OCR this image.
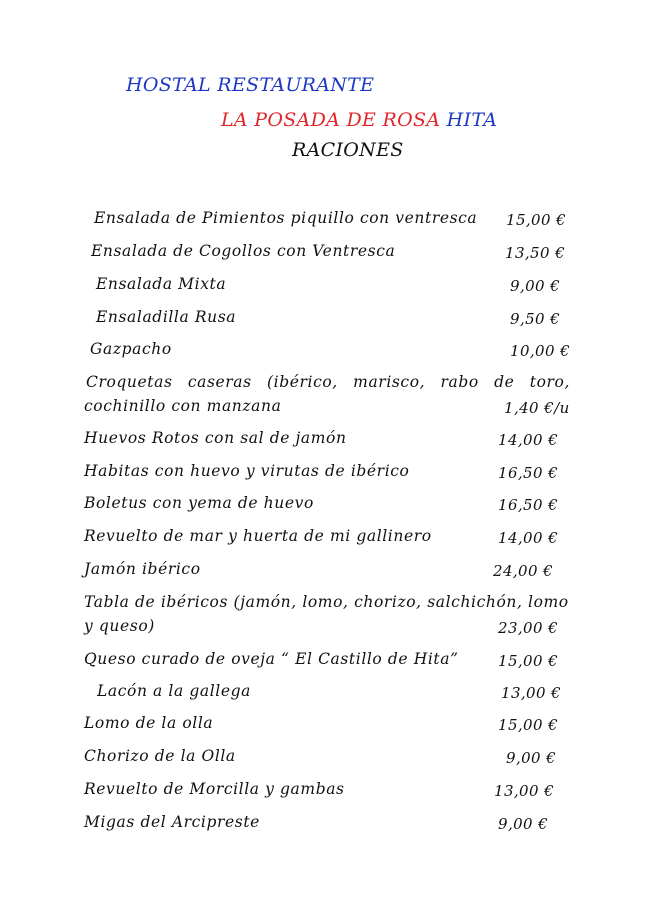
HOSTAL RESTAURANTE
LA POSADA DE ROSA HITA
RACIONES
Ensalada de Pimientos piquillo con ventresca 15,00 €
Ensalada de Cogollos con Ventresca	13,50 €
Ensalada Mixta	9,00 €
Ensaladilla Rusa	9,50 €
Gazpacho	10,00 €
Croquetas caseras (ibérico, marisco, rabo de toro,
cochinillo con manzana	1,40 €/u
Huevos Rotos con sal de jamón	14,00 €
Habitas con huevo y virutas de ibérico	16,50 €
Boletus con yema de huevo	16,50 €
Revuelto de mar y huerta de mi gallinero	14,00 €
Jamón ibérico	24,00 €
Tabla de ibéricos (jamón, lomo, chorizo, salchichón, lomo
y queso)	23,00 €
Queso curado de oveja “ El Castillo de Hita”	15,00 €
Lacón a la gallega	13,00 €
Lomo de la olla	15,00 €
Chorizo de la Olla	9,00 €
Revuelto de Morcilla y gambas	13,00 €
Migas del Arcipreste	9,00 €
